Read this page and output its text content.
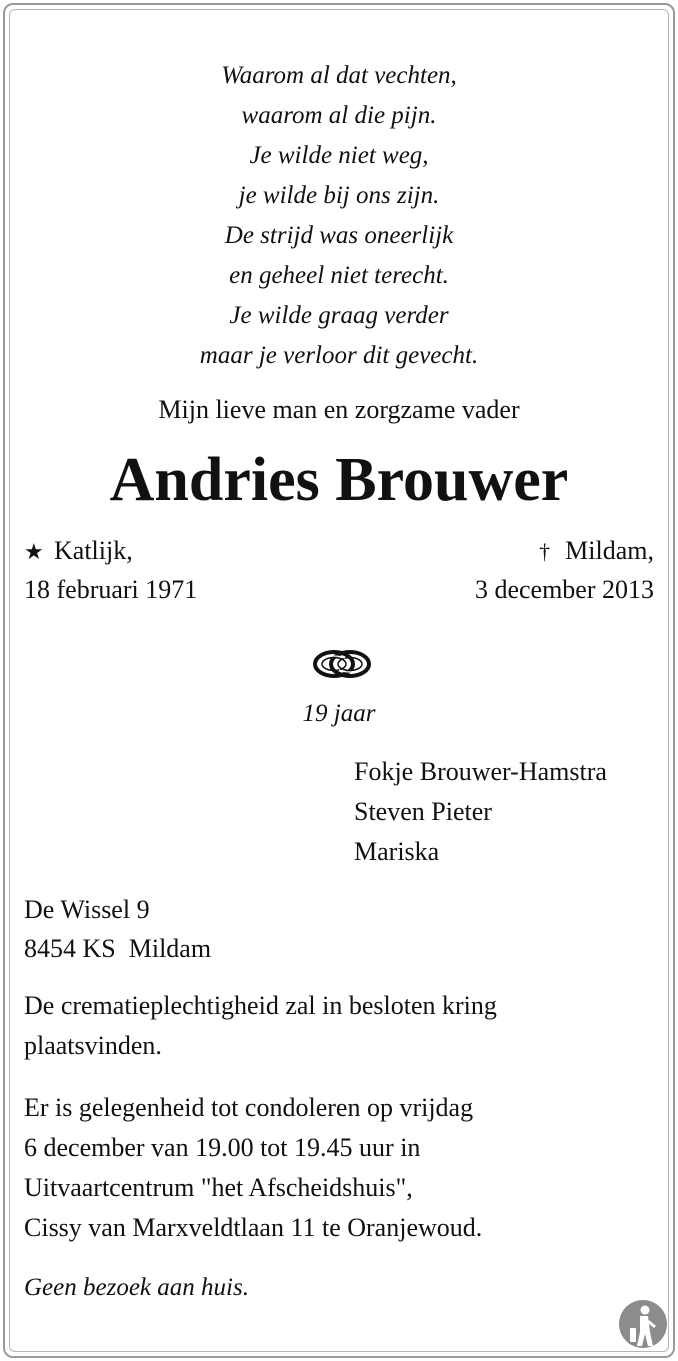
Waarom al dat vechten,
waarom al die pijn.
Je wilde niet weg,
je wilde bij ons zijn.
De strijd was oneerlijk
en geheel niet terecht.
Je wilde graag verder
maar je verloor dit gevecht.
Mijn lieve man en zorgzame vader
Andries Brouwer
★ Katlijk,
18 februari 1971
† Mildam,
3 december 2013
19 jaar
Fokje Brouwer-Hamstra
Steven Pieter
Mariska
De Wissel 9
8454 KS  Mildam
De crematieplechtigheid zal in besloten kring
plaatsvinden.
Er is gelegenheid tot condoleren op vrijdag
6 december van 19.00 tot 19.45 uur in
Uitvaartcentrum "het Afscheidshuis",
Cissy van Marxveldtlaan 11 te Oranjewoud.
Geen bezoek aan huis.
